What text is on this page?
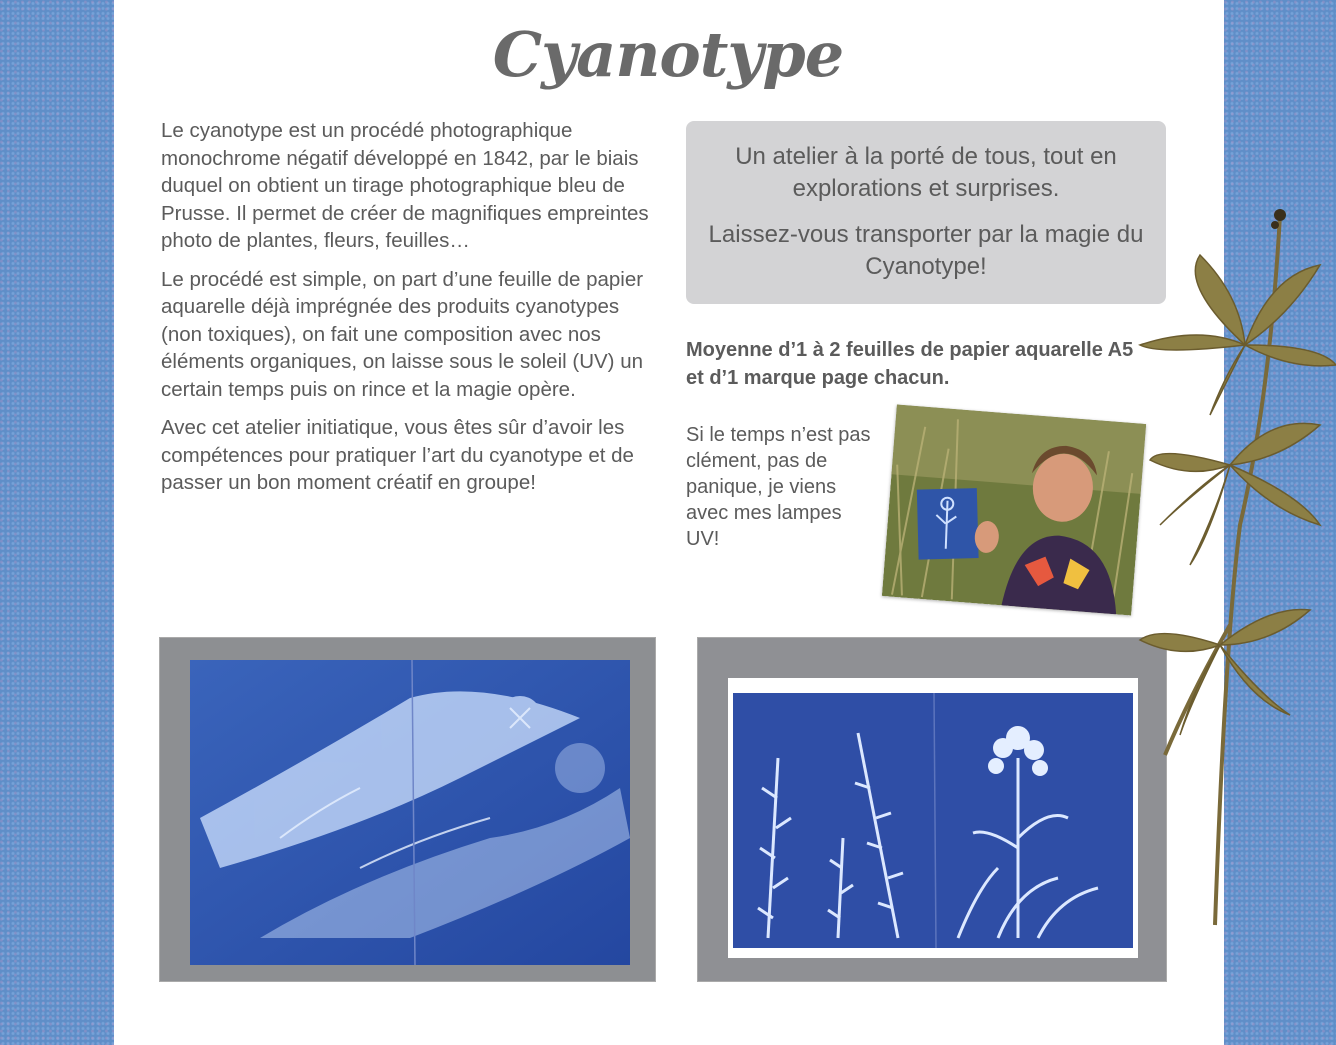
Cyanotype

Le cyanotype est un procédé photographique monochrome négatif développé en 1842, par le biais duquel on obtient un tirage photographique bleu de Prusse. Il permet de créer de magnifiques empreintes photo de plantes, fleurs, feuilles…

Le procédé est simple, on part d’une feuille de papier aquarelle déjà imprégnée des produits cyanotypes (non toxiques), on fait une composition avec nos éléments organiques, on laisse sous le soleil (UV) un certain temps puis on rince et la magie opère.

Avec cet atelier initiatique, vous êtes sûr d’avoir les compétences pour pratiquer l’art du cyanotype et de passer un bon moment créatif en groupe!

Un atelier à la porté de tous, tout en explorations et surprises.

Laissez-vous transporter par la magie du Cyanotype!

Moyenne d’1 à 2 feuilles de papier aquarelle A5 et d’1 marque page chacun.
Si le temps n’est pas clément, pas de panique, je viens avec mes lampes UV!
